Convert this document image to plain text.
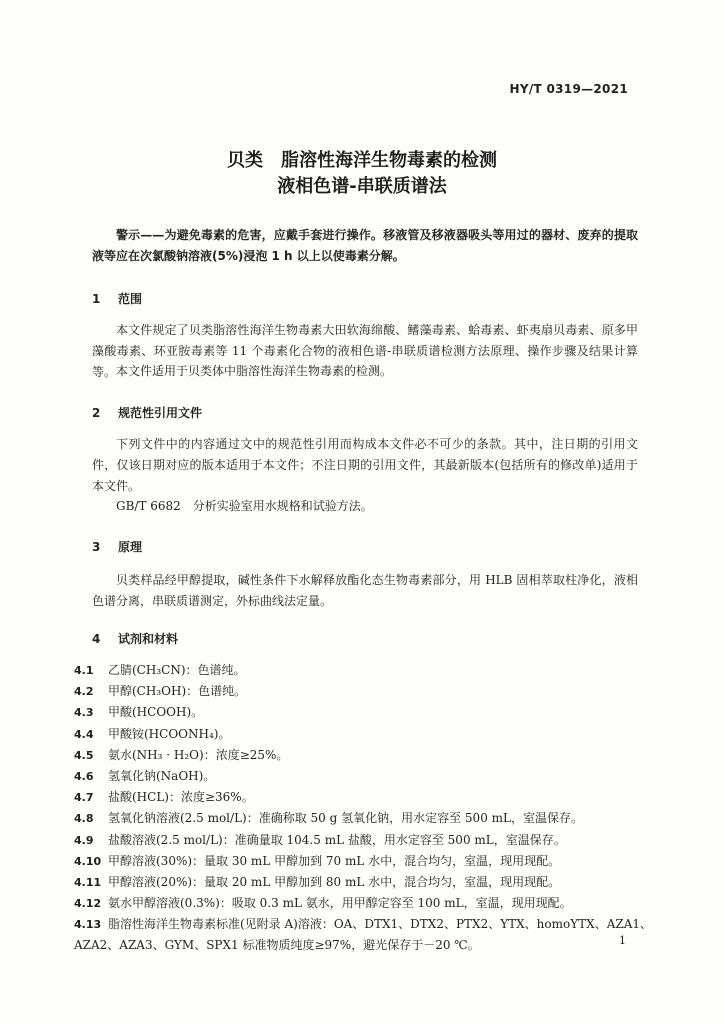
HY/T 0319—2021
贝类　脂溶性海洋生物毒素的检测
液相色谱-串联质谱法
警示——为避免毒素的危害，应戴手套进行操作。移液管及移液器吸头等用过的器材、废弃的提取液等应在次氯酸钠溶液(5%)浸泡 1 h 以上以使毒素分解。
1 范围
本文件规定了贝类脂溶性海洋生物毒素大田软海绵酸、鳍藻毒素、蛤毒素、虾夷扇贝毒素、原多甲藻酸毒素、环亚胺毒素等 11 个毒素化合物的液相色谱-串联质谱检测方法原理、操作步骤及结果计算等。 本文件适用于贝类体中脂溶性海洋生物毒素的检测。
2 规范性引用文件
下列文件中的内容通过文中的规范性引用而构成本文件必不可少的条款。其中，注日期的引用文件，仅该日期对应的版本适用于本文件；不注日期的引用文件，其最新版本(包括所有的修改单)适用于本文件。
GB/T 6682　分析实验室用水规格和试验方法。
3 原理
贝类样品经甲醇提取，碱性条件下水解释放酯化态生物毒素部分，用 HLB 固相萃取柱净化，液相色谱分离，串联质谱测定，外标曲线法定量。
4 试剂和材料
4.1	乙腈(CH₃CN)：色谱纯。
4.2	甲醇(CH₃OH)：色谱纯。
4.3	甲酸(HCOOH)。
4.4	甲酸铵(HCOONH₄)。
4.5	氨水(NH₃ · H₂O)：浓度≥25%。
4.6	氢氧化钠(NaOH)。
4.7	盐酸(HCL)：浓度≥36%。
4.8	氢氧化钠溶液(2.5 mol/L)：准确称取 50 g 氢氧化钠，用水定容至 500 mL，室温保存。
4.9	盐酸溶液(2.5 mol/L)：准确量取 104.5 mL 盐酸，用水定容至 500 mL，室温保存。
4.10 甲醇溶液(30%)：量取 30 mL 甲醇加到 70 mL 水中，混合均匀，室温，现用现配。
4.11 甲醇溶液(20%)：量取 20 mL 甲醇加到 80 mL 水中，混合均匀，室温，现用现配。
4.12 氨水甲醇溶液(0.3%)：吸取 0.3 mL 氨水，用甲醇定容至 100 mL，室温，现用现配。
4.13 脂溶性海洋生物毒素标准(见附录 A)溶液：OA、DTX1、DTX2、PTX2、YTX、homoYTX、AZA1、
AZA2、AZA3、GYM、SPX1 标准物质纯度≥97%，避光保存于－20 ℃。	1
